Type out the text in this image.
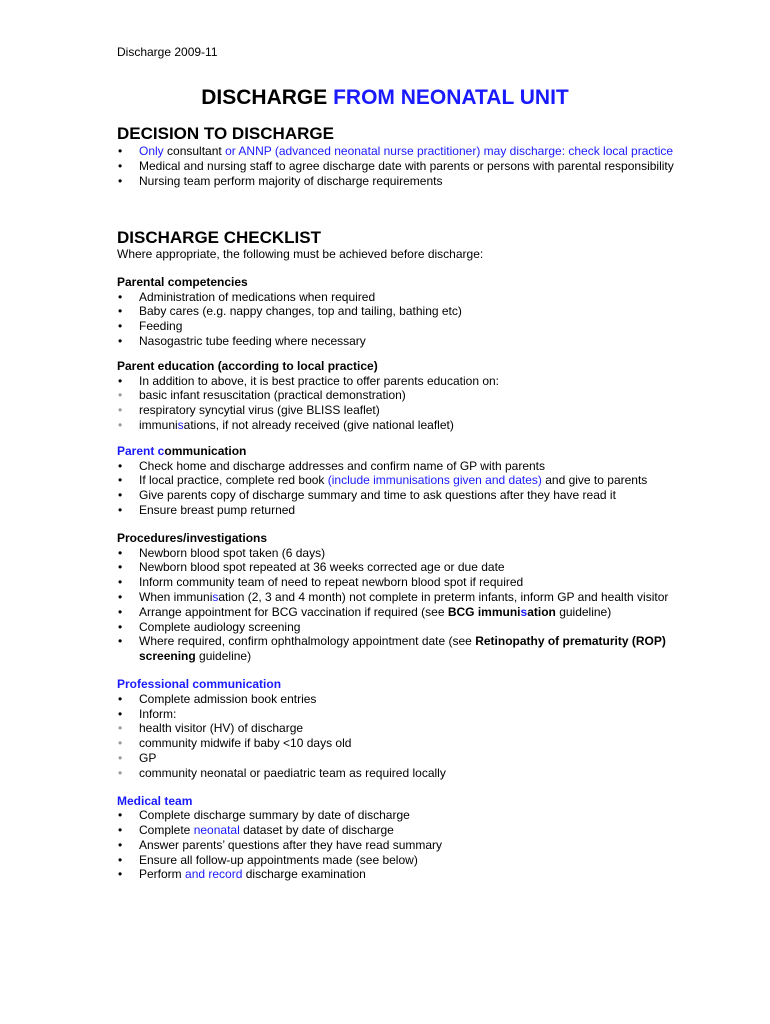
Discharge 2009-11
DISCHARGE FROM NEONATAL UNIT
DECISION TO DISCHARGE
• Only consultant or ANNP (advanced neonatal nurse practitioner) may discharge: check local practice
• Medical and nursing staff to agree discharge date with parents or persons with parental responsibility
• Nursing team perform majority of discharge requirements
DISCHARGE CHECKLIST
Where appropriate, the following must be achieved before discharge:
Parental competencies
• Administration of medications when required
• Baby cares (e.g. nappy changes, top and tailing, bathing etc)
• Feeding
• Nasogastric tube feeding where necessary
Parent education (according to local practice)
• In addition to above, it is best practice to offer parents education on:
• basic infant resuscitation (practical demonstration)
• respiratory syncytial virus (give BLISS leaflet)
• immunisations, if not already received (give national leaflet)
Parent communication
• Check home and discharge addresses and confirm name of GP with parents
• If local practice, complete red book (include immunisations given and dates) and give to parents
• Give parents copy of discharge summary and time to ask questions after they have read it
• Ensure breast pump returned
Procedures/investigations
• Newborn blood spot taken (6 days)
• Newborn blood spot repeated at 36 weeks corrected age or due date
• Inform community team of need to repeat newborn blood spot if required
• When immunisation (2, 3 and 4 month) not complete in preterm infants, inform GP and health visitor
• Arrange appointment for BCG vaccination if required (see BCG immunisation guideline)
• Complete audiology screening
• Where required, confirm ophthalmology appointment date (see Retinopathy of prematurity (ROP) screening guideline)
Professional communication
• Complete admission book entries
• Inform:
• health visitor (HV) of discharge
• community midwife if baby <10 days old
• GP
• community neonatal or paediatric team as required locally
Medical team
• Complete discharge summary by date of discharge
• Complete neonatal dataset by date of discharge
• Answer parents’ questions after they have read summary
• Ensure all follow-up appointments made (see below)
• Perform and record discharge examination
